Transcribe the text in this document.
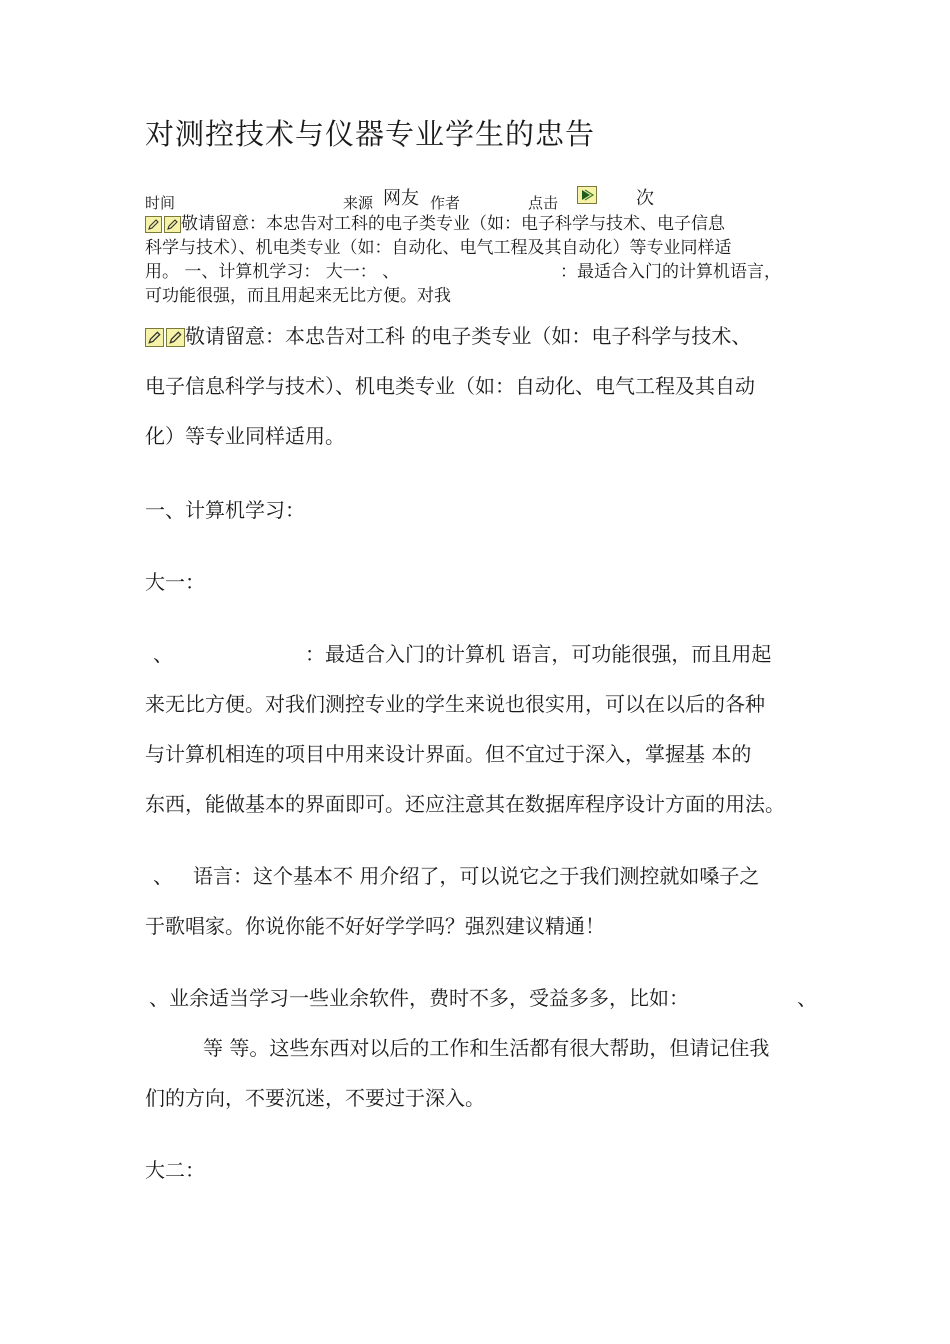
对测控技术与仪器专业学生的忠告
时间	来源 网友 作者	点击	次
敬请留意：本忠告对工科的电子类专业（如：电子科学与技术、电子信息
科学与技术）、机电类专业（如：自动化、电气工程及其自动化）等专业同样适
用。 一、计算机学习： 大一： 、	：最适合入门的计算机语言，
可功能很强，而且用起来无比方便。对我
敬请留意：本忠告对工科 的电子类专业（如：电子科学与技术、
电子信息科学与技术）、机电类专业（如：自动化、电气工程及其自动
化）等专业同样适用。
一、计算机学习：
大一：
、	：最适合入门的计算机 语言，可功能很强，而且用起
来无比方便。对我们测控专业的学生来说也很实用，可以在以后的各种
与计算机相连的项目中用来设计界面。但不宜过于深入，掌握基 本的
东西，能做基本的界面即可。还应注意其在数据库程序设计方面的用法。
、 语言：这个基本不 用介绍了，可以说它之于我们测控就如嗓子之
于歌唱家。你说你能不好好学学吗？强烈建议精通！
、业余适当学习一些业余软件，费时不多，受益多多，比如：	、
等 等。这些东西对以后的工作和生活都有很大帮助，但请记住我
们的方向，不要沉迷，不要过于深入。
大二：
